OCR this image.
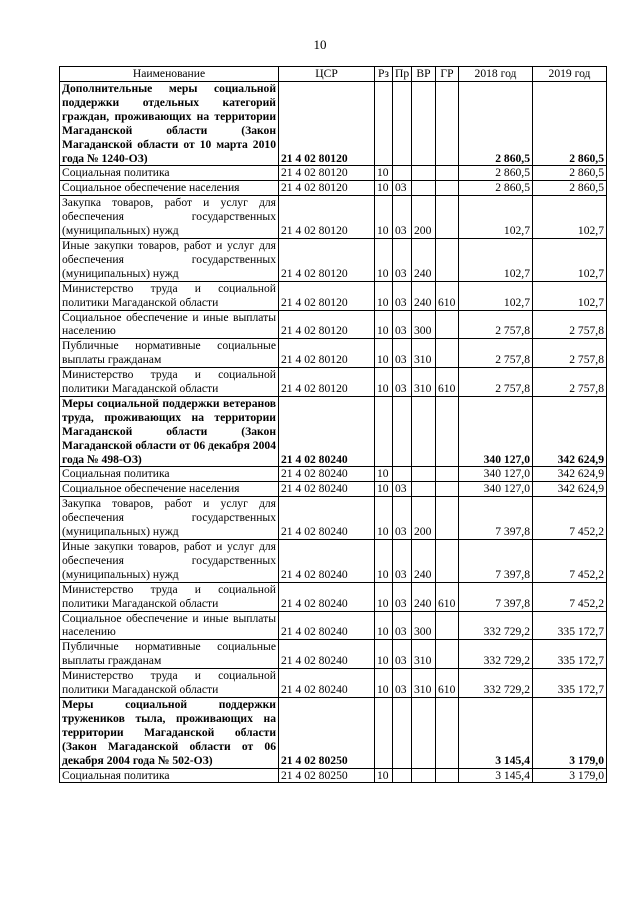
10
Наименование	ЦСР	Рз	Пр	ВР	ГР	2018 год	2019 год
Дополнительные меры социальной поддержки отдельных категорий граждан, проживающих на территории Магаданской области (Закон Магаданской области от 10 марта 2010 года № 1240-ОЗ)	21 4 02 80120					2 860,5	2 860,5
Социальная политика	21 4 02 80120	10				2 860,5	2 860,5
Социальное обеспечение населения	21 4 02 80120	10	03			2 860,5	2 860,5
Закупка товаров, работ и услуг для обеспечения государственных (муниципальных) нужд	21 4 02 80120	10	03	200		102,7	102,7
Иные закупки товаров, работ и услуг для обеспечения государственных (муниципальных) нужд	21 4 02 80120	10	03	240		102,7	102,7
Министерство труда и социальной политики Магаданской области	21 4 02 80120	10	03	240	610	102,7	102,7
Социальное обеспечение и иные выплаты населению	21 4 02 80120	10	03	300		2 757,8	2 757,8
Публичные нормативные социальные выплаты гражданам	21 4 02 80120	10	03	310		2 757,8	2 757,8
Министерство труда и социальной политики Магаданской области	21 4 02 80120	10	03	310	610	2 757,8	2 757,8
Меры социальной поддержки ветеранов труда, проживающих на территории Магаданской области (Закон Магаданской области от 06 декабря 2004 года № 498-ОЗ)	21 4 02 80240					340 127,0	342 624,9
Социальная политика	21 4 02 80240	10				340 127,0	342 624,9
Социальное обеспечение населения	21 4 02 80240	10	03			340 127,0	342 624,9
Закупка товаров, работ и услуг для обеспечения государственных (муниципальных) нужд	21 4 02 80240	10	03	200		7 397,8	7 452,2
Иные закупки товаров, работ и услуг для обеспечения государственных (муниципальных) нужд	21 4 02 80240	10	03	240		7 397,8	7 452,2
Министерство труда и социальной политики Магаданской области	21 4 02 80240	10	03	240	610	7 397,8	7 452,2
Социальное обеспечение и иные выплаты населению	21 4 02 80240	10	03	300		332 729,2	335 172,7
Публичные нормативные социальные выплаты гражданам	21 4 02 80240	10	03	310		332 729,2	335 172,7
Министерство труда и социальной политики Магаданской области	21 4 02 80240	10	03	310	610	332 729,2	335 172,7
Меры социальной поддержки тружеников тыла, проживающих на территории Магаданской области (Закон Магаданской области от 06 декабря 2004 года № 502-ОЗ)	21 4 02 80250					3 145,4	3 179,0
Социальная политика	21 4 02 80250	10				3 145,4	3 179,0
